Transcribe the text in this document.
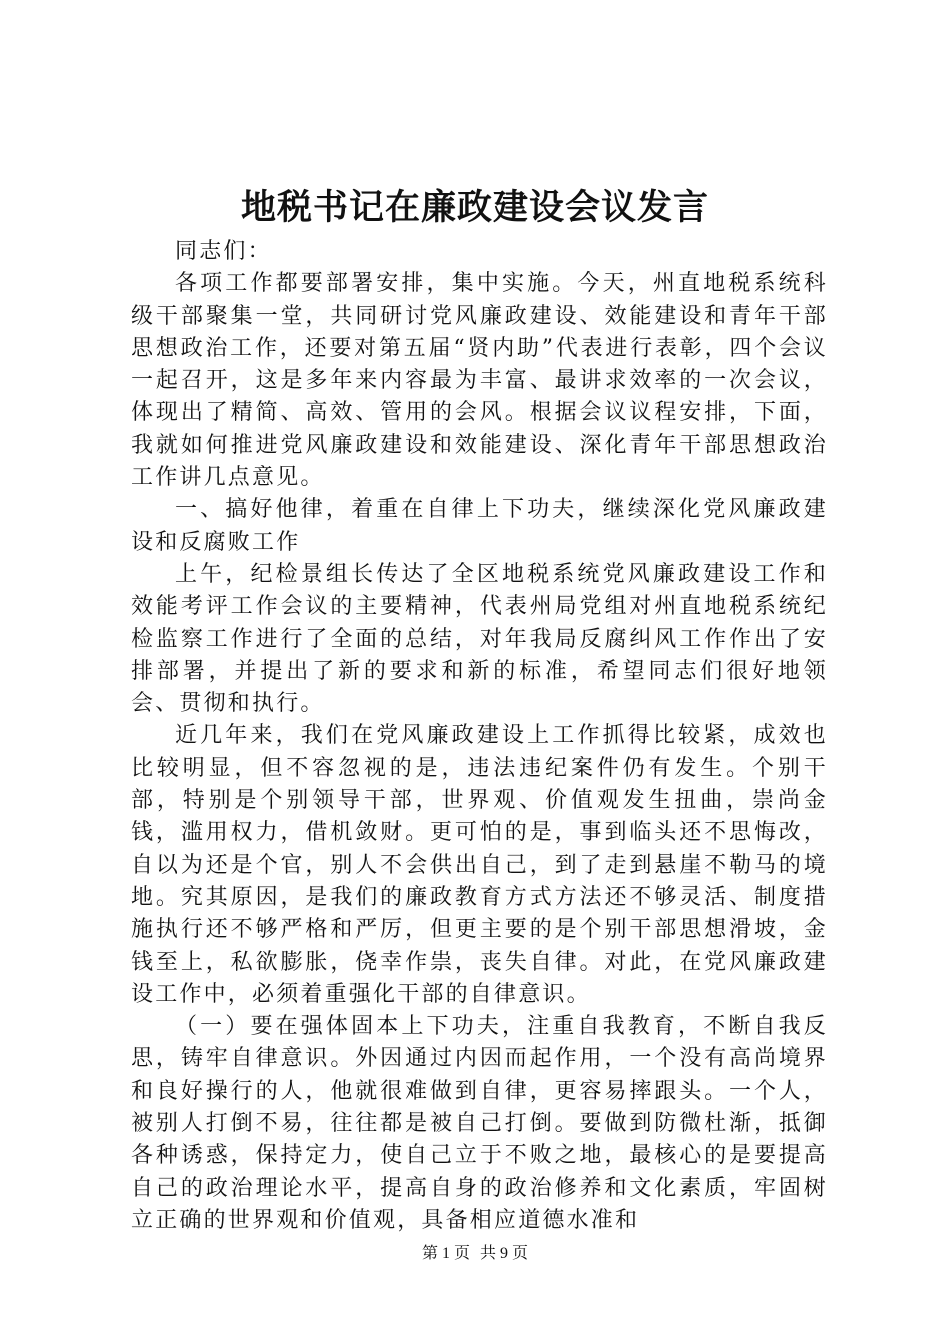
地税书记在廉政建设会议发言

同志们：

各项工作都要部署安排，集中实施。今天，州直地税系统科级干部聚集一堂，共同研讨党风廉政建设、效能建设和青年干部思想政治工作，还要对第五届“贤内助”代表进行表彰，四个会议一起召开，这是多年来内容最为丰富、最讲求效率的一次会议，体现出了精简、高效、管用的会风。根据会议议程安排，下面，我就如何推进党风廉政建设和效能建设、深化青年干部思想政治工作讲几点意见。

一、搞好他律，着重在自律上下功夫，继续深化党风廉政建设和反腐败工作

上午，纪检景组长传达了全区地税系统党风廉政建设工作和效能考评工作会议的主要精神，代表州局党组对州直地税系统纪检监察工作进行了全面的总结，对年我局反腐纠风工作作出了安排部署，并提出了新的要求和新的标准，希望同志们很好地领会、贯彻和执行。

近几年来，我们在党风廉政建设上工作抓得比较紧，成效也比较明显，但不容忽视的是，违法违纪案件仍有发生。个别干部，特别是个别领导干部，世界观、价值观发生扭曲，崇尚金钱，滥用权力，借机敛财。更可怕的是，事到临头还不思悔改，自以为还是个官，别人不会供出自己，到了走到悬崖不勒马的境地。究其原因，是我们的廉政教育方式方法还不够灵活、制度措施执行还不够严格和严厉，但更主要的是个别干部思想滑坡，金钱至上，私欲膨胀，侥幸作祟，丧失自律。对此，在党风廉政建设工作中，必须着重强化干部的自律意识。

（一）要在强体固本上下功夫，注重自我教育，不断自我反思，铸牢自律意识。外因通过内因而起作用，一个没有高尚境界和良好操行的人，他就很难做到自律，更容易摔跟头。一个人，被别人打倒不易，往往都是被自己打倒。要做到防微杜渐，抵御各种诱惑，保持定力，使自己立于不败之地，最核心的是要提高自己的政治理论水平，提高自身的政治修养和文化素质，牢固树立正确的世界观和价值观，具备相应道德水准和

第 1 页 共 9 页
